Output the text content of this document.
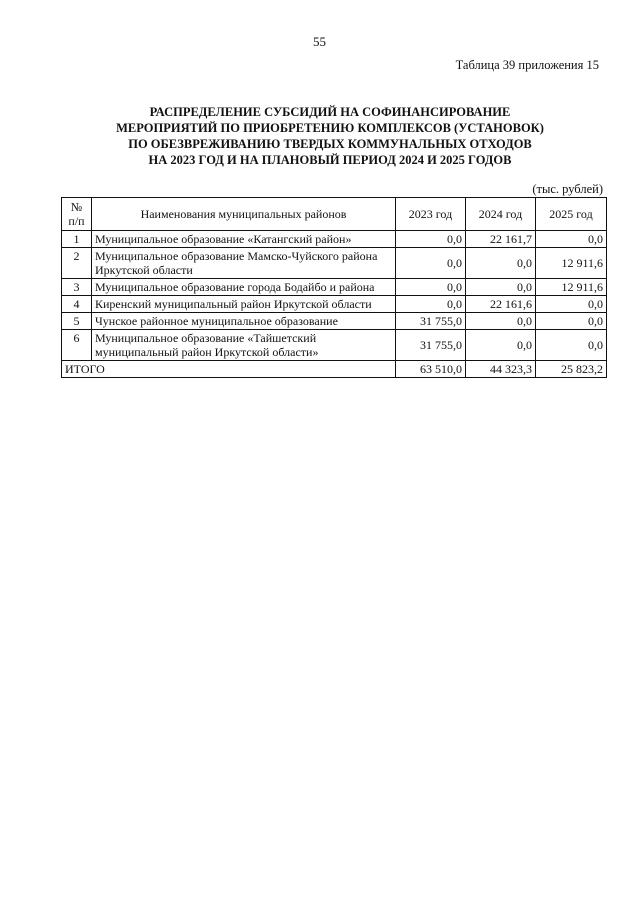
55
Таблица 39 приложения 15
РАСПРЕДЕЛЕНИЕ СУБСИДИЙ НА СОФИНАНСИРОВАНИЕ
МЕРОПРИЯТИЙ ПО ПРИОБРЕТЕНИЮ КОМПЛЕКСОВ (УСТАНОВОК)
ПО ОБЕЗВРЕЖИВАНИЮ ТВЕРДЫХ КОММУНАЛЬНЫХ ОТХОДОВ
НА 2023 ГОД И НА ПЛАНОВЫЙ ПЕРИОД 2024 И 2025 ГОДОВ
(тыс. рублей)
№
п/п	Наименования муниципальных районов	2023 год	2024 год	2025 год
1	Муниципальное образование «Катангский район»	0,0	22 161,7	0,0
2	Муниципальное образование Мамско-Чуйского района Иркутской области	0,0	0,0	12 911,6
3	Муниципальное образование города Бодайбо и района	0,0	0,0	12 911,6
4	Киренский муниципальный район Иркутской области	0,0	22 161,6	0,0
5	Чунское районное муниципальное образование	31 755,0	0,0	0,0
6	Муниципальное образование «Тайшетский муниципальный район Иркутской области»	31 755,0	0,0	0,0
ИТОГО		63 510,0	44 323,3	25 823,2
